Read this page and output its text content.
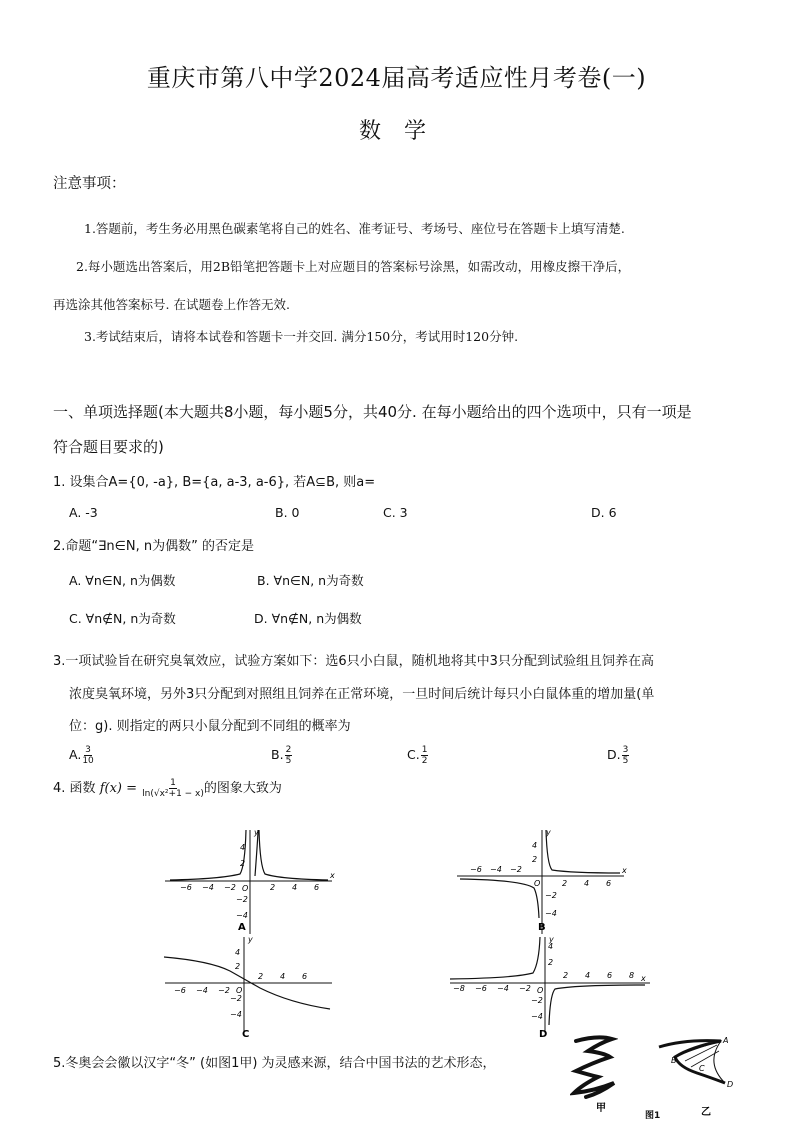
重庆市第八中学2024届高考适应性月考卷(一)
数 学
注意事项：
1.答题前，考生务必用黑色碳素笔将自己的姓名、准考证号、考场号、座位号在答题卡上填写清楚.
2.每小题选出答案后，用2B铅笔把答题卡上对应题目的答案标号涂黑，如需改动，用橡皮擦干净后，
再选涂其他答案标号. 在试题卷上作答无效.
3.考试结束后，请将本试卷和答题卡一并交回. 满分150分，考试用时120分钟.
一、单项选择题(本大题共8小题，每小题5分，共40分. 在每小题给出的四个选项中，只有一项是
符合题目要求的)
1. 设集合A={0, -a}, B={a, a-3, a-6}, 若A⊆B, 则a=
A. -3	B. 0	C. 3	D. 6
2.命题“∃n∈N, n为偶数” 的否定是
A. ∀n∈N, n为偶数	B. ∀n∈N, n为奇数
C. ∀n∉N, n为奇数	D. ∀n∉N, n为偶数
3.一项试验旨在研究臭氧效应，试验方案如下：选6只小白鼠，随机地将其中3只分配到试验组且饲养在高
浓度臭氧环境，另外3只分配到对照组且饲养在正常环境，一旦时间后统计每只小白鼠体重的增加量(单
位：g). 则指定的两只小鼠分配到不同组的概率为
A. $\frac{3}{10}$	B. $\frac{2}{5}$	C. $\frac{1}{2}$	D. $\frac{3}{5}$
4. 函数 $f(x) = \frac{1}{\text{ln(√x²+1 − x)}}$ 的图象大致为
−6 −4 −2	2 4 6
4
2
−2
−4
O
x
y
A
−6 −4 −2
2 4 6
4
2
−2
−4
O
x
y
B
−6 −4 −2
2 4 6
4
2
−2
−4
O
y
C
−8 −6 −4 −2
2 4 6 8
4
2
−2
−4
O
x
y
D
5.冬奥会会徽以汉字“冬” (如图1甲) 为灵感来源，结合中国书法的艺术形态，
甲
A
B
C
D
乙
图1
